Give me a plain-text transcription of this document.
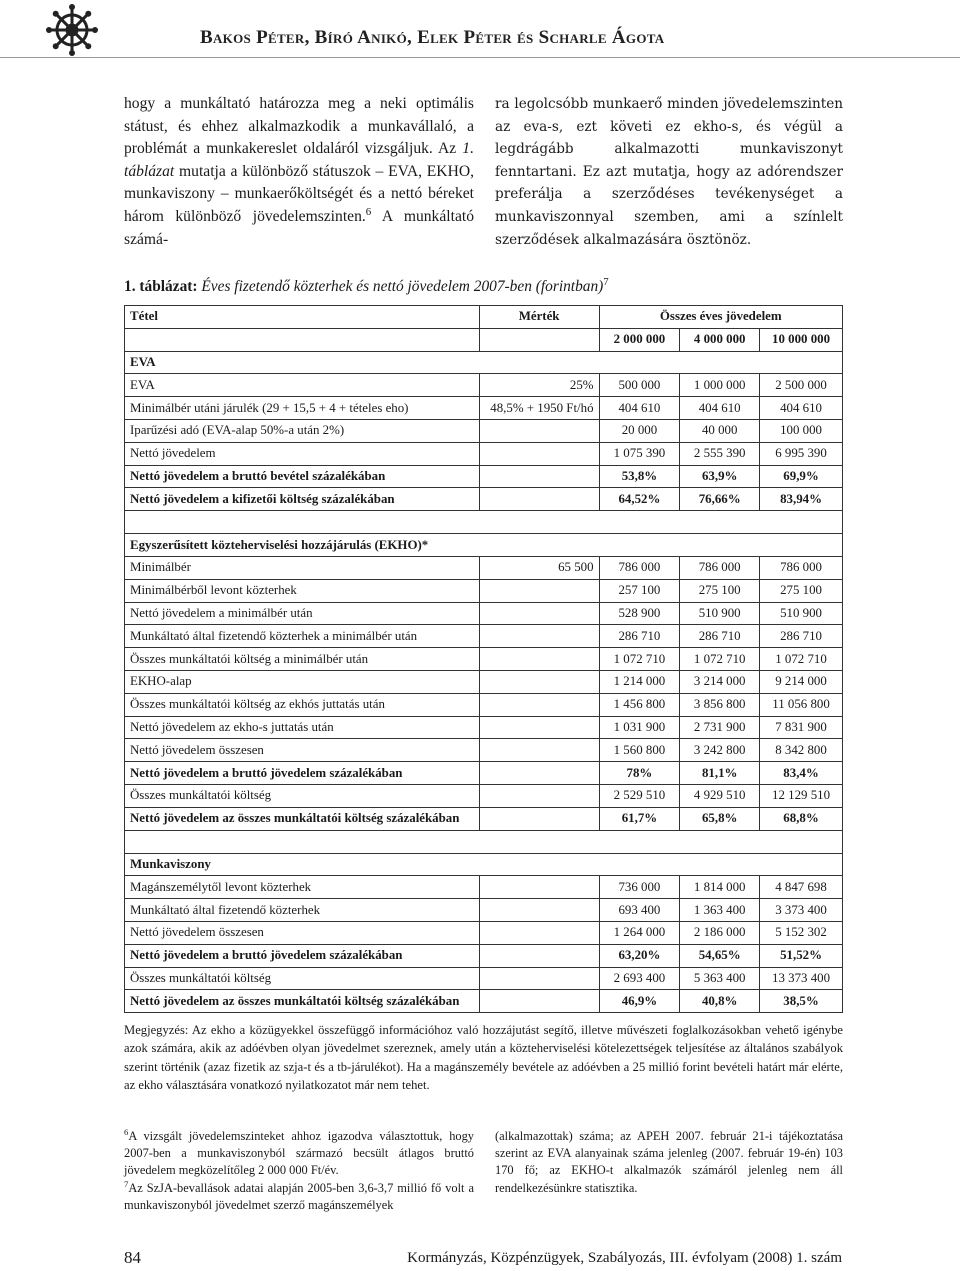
Bakos Péter, Bíró Anikó, Elek Péter és Scharle Ágota

hogy a munkáltató határozza meg a neki optimális státust, és ehhez alkalmazkodik a munkavállaló, a problémát a munkakereslet oldaláról vizsgáljuk. Az 1. táblázat mutatja a különböző státuszok – EVA, EKHO, munkaviszony – munkaerőköltségét és a nettó béreket három különböző jövedelemszinten.$^6$ A munkáltató számá-

ra legolcsóbb munkaerő minden jövedelemszinten az eva-s, ezt követi ez ekho-s, és végül a legdrágább alkalmazotti munkaviszonyt fenntartani. Ez azt mutatja, hogy az adórendszer preferálja a szerződéses tevékenységet a munkaviszonnyal szemben, ami a színlelt szerződések alkalmazására ösztönöz.

1. táblázat: Éves fizetendő közterhek és nettó jövedelem 2007-ben (forintban)$^7$
Tétel	Mérték	Összes éves jövedelem		
		2 000 000	4 000 000	10 000 000
EVA				
EVA	25%	500 000	1 000 000	2 500 000
Minimálbér utáni járulék (29 + 15,5 + 4 + tételes eho)	48,5% + 1950 Ft/hó	404 610	404 610	404 610
Iparűzési adó (EVA-alap 50%-a után 2%)		20 000	40 000	100 000
Nettó jövedelem		1 075 390	2 555 390	6 995 390
Nettó jövedelem a bruttó bevétel százalékában		53,8%	63,9%	69,9%
Nettó jövedelem a kifizetői költség százalékában		64,52%	76,66%	83,94%

Egyszerűsített közteherviselési hozzájárulás (EKHO)*				
Minimálbér	65 500	786 000	786 000	786 000
Minimálbérből levont közterhek		257 100	275 100	275 100
Nettó jövedelem a minimálbér után		528 900	510 900	510 900
Munkáltató által fizetendő közterhek a minimálbér után		286 710	286 710	286 710
Összes munkáltatói költség a minimálbér után		1 072 710	1 072 710	1 072 710
EKHO-alap		1 214 000	3 214 000	9 214 000
Összes munkáltatói költség az ekhós juttatás után		1 456 800	3 856 800	11 056 800
Nettó jövedelem az ekho-s juttatás után		1 031 900	2 731 900	7 831 900
Nettó jövedelem összesen		1 560 800	3 242 800	8 342 800
Nettó jövedelem a bruttó jövedelem százalékában		78%	81,1%	83,4%
Összes munkáltatói költség		2 529 510	4 929 510	12 129 510
Nettó jövedelem az összes munkáltatói költség százalékában		61,7%	65,8%	68,8%

Munkaviszony				
Magánszemélytől levont közterhek		736 000	1 814 000	4 847 698
Munkáltató által fizetendő közterhek		693 400	1 363 400	3 373 400
Nettó jövedelem összesen		1 264 000	2 186 000	5 152 302
Nettó jövedelem a bruttó jövedelem százalékában		63,20%	54,65%	51,52%
Összes munkáltatói költség		2 693 400	5 363 400	13 373 400
Nettó jövedelem az összes munkáltatói költség százalékában		46,9%	40,8%	38,5%
Megjegyzés: Az ekho a közügyekkel összefüggő információhoz való hozzájutást segítő, illetve művészeti foglalkozásokban vehető igénybe azok számára, akik az adóévben olyan jövedelmet szereznek, amely után a közteherviselési kötelezettségek teljesítése az általános szabályok szerint történik (azaz fizetik az szja-t és a tb-járulékot). Ha a magánszemély bevétele az adóévben a 25 millió forint bevételi határt már elérte, az ekho választására vonatkozó nyilatkozatot már nem tehet.

$^6$A vizsgált jövedelemszinteket ahhoz igazodva választottuk, hogy 2007-ben a munkaviszonyból származó becsült átlagos bruttó jövedelem megközelítőleg 2 000 000 Ft/év.

$^7$Az SzJA-bevallások adatai alapján 2005-ben 3,6-3,7 millió fő volt a munkaviszonyból jövedelmet szerző magánszemélyek

(alkalmazottak) száma; az APEH 2007. február 21-i tájékoztatása szerint az EVA alanyainak száma jelenleg (2007. február 19-én) 103 170 fő; az EKHO-t alkalmazók számáról jelenleg nem áll rendelkezésünkre statisztika.

84	Kormányzás, Közpénzügyek, Szabályozás, III. évfolyam (2008) 1. szám
